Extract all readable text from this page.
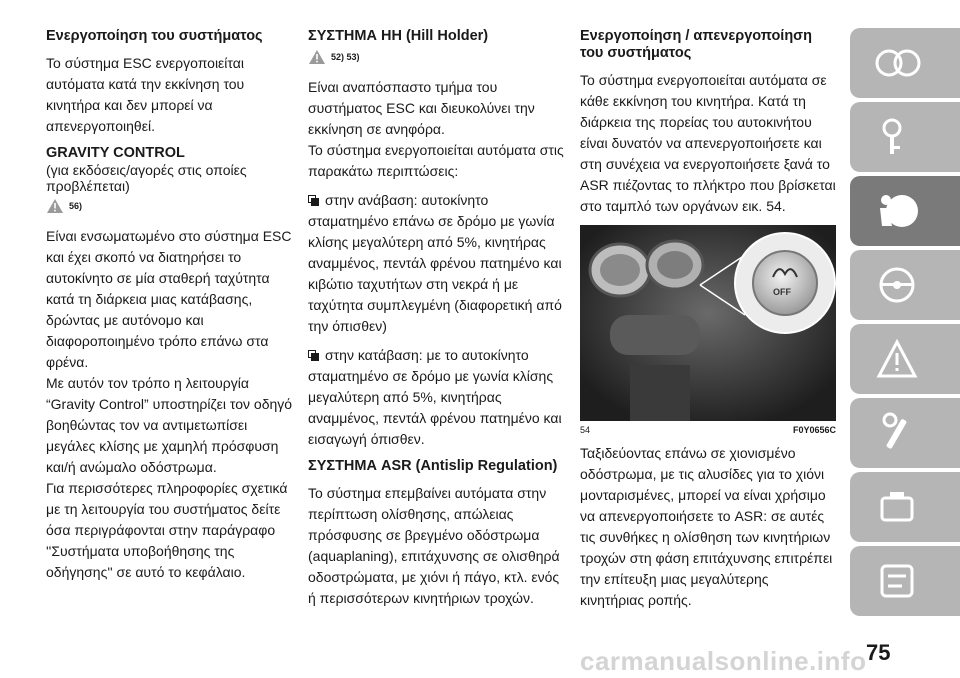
Ενεργοποίηση του συστήματος

Το σύστημα ESC ενεργοποιείται αυτόματα κατά την εκκίνηση του κινητήρα και δεν μπορεί να απενεργοποιηθεί.

GRAVITY CONTROL

(για εκδόσεις/αγορές στις οποίες προβλέπεται)

56)

Είναι ενσωματωμένο στο σύστημα ESC και έχει σκοπό να διατηρήσει το αυτοκίνητο σε μία σταθερή ταχύτητα κατά τη διάρκεια μιας κατάβασης, δρώντας με αυτόνομο και διαφοροποιημένο τρόπο επάνω στα φρένα.

Με αυτόν τον τρόπο η λειτουργία “Gravity Control” υποστηρίζει τον οδηγό βοηθώντας τον να αντιμετωπίσει μεγάλες κλίσης με χαμηλή πρόσφυση και/ή ανώμαλο οδόστρωμα.

Για περισσότερες πληροφορίες σχετικά με τη λειτουργία του συστήματος δείτε όσα περιγράφονται στην παράγραφο ''Συστήματα υποβοήθησης της οδήγησης'' σε αυτό το κεφάλαιο.

ΣΥΣΤΗΜΑ HH (Hill Holder)
52) 53)

Είναι αναπόσπαστο τμήμα του συστήματος ESC και διευκολύνει την εκκίνηση σε ανηφόρα.

Το σύστημα ενεργοποιείται αυτόματα στις παρακάτω περιπτώσεις:

στην ανάβαση: αυτοκίνητο σταματημένο επάνω σε δρόμο με γωνία κλίσης μεγαλύτερη από 5%, κινητήρας αναμμένος, πεντάλ φρένου πατημένο και κιβώτιο ταχυτήτων στη νεκρά ή με ταχύτητα συμπλεγμένη (διαφορετική από την όπισθεν)

στην κατάβαση: με το αυτοκίνητο σταματημένο σε δρόμο με γωνία κλίσης μεγαλύτερη από 5%, κινητήρας αναμμένος, πεντάλ φρένου πατημένο και εισαγωγή όπισθεν.

ΣΥΣΤΗΜΑ ASR (Antislip Regulation)

Το σύστημα επεμβαίνει αυτόματα στην περίπτωση ολίσθησης, απώλειας πρόσφυσης σε βρεγμένο οδόστρωμα (aquaplaning), επιτάχυνσης σε ολισθηρά οδοστρώματα, με χιόνι ή πάγο, κτλ. ενός ή περισσότερων κινητήριων τροχών.

Ενεργοποίηση / απενεργοποίηση του συστήματος

Το σύστημα ενεργοποιείται αυτόματα σε κάθε εκκίνηση του κινητήρα. Κατά τη διάρκεια της πορείας του αυτοκινήτου είναι δυνατόν να απενεργοποιήσετε και στη συνέχεια να ενεργοποιήσετε ξανά το ASR πιέζοντας το πλήκτρο που βρίσκεται στο ταμπλό των οργάνων εικ. 54.

OFF
54	F0Y0656C

Ταξιδεύοντας επάνω σε χιονισμένο οδόστρωμα, με τις αλυσίδες για το χιόνι μονταρισμένες, μπορεί να είναι χρήσιμο να απενεργοποιήσετε το ASR: σε αυτές τις συνθήκες η ολίσθηση των κινητήριων τροχών στη φάση επιτάχυνσης επιτρέπει την επίτευξη μιας μεγαλύτερης κινητήριας ροπής.

75
carmanualsonline.info
